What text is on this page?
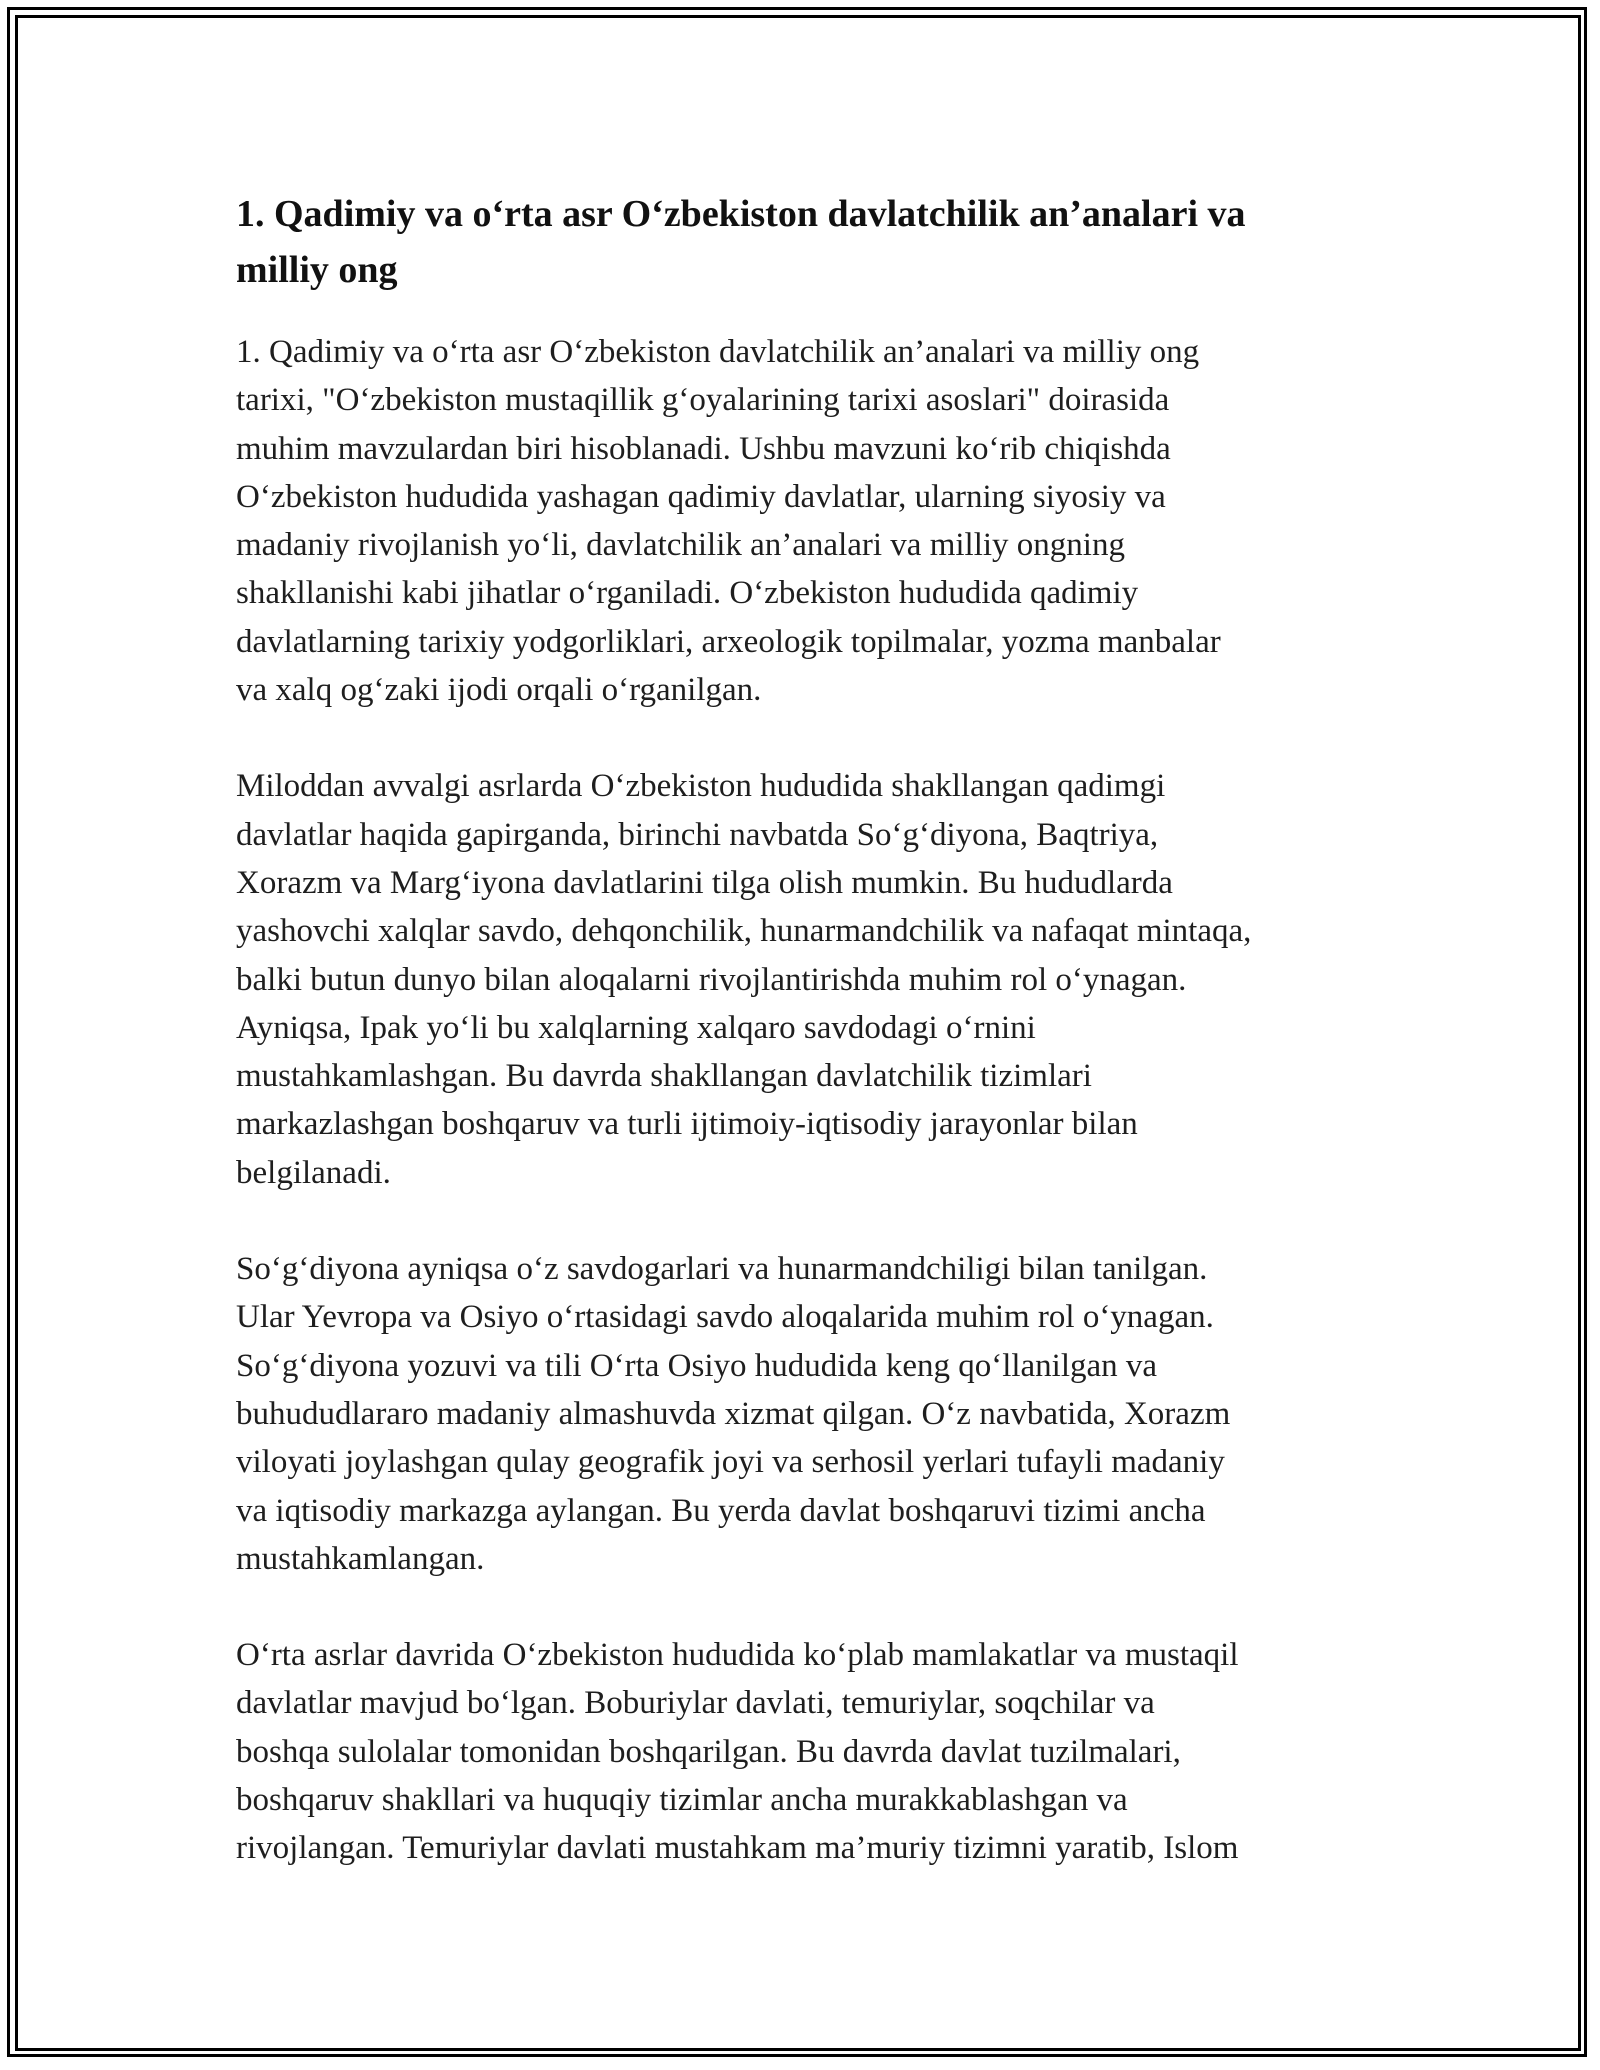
1. Qadimiy va o‘rta asr O‘zbekiston davlatchilik an’analari va
milliy ong

1. Qadimiy va o‘rta asr O‘zbekiston davlatchilik an’analari va milliy ong
tarixi, "O‘zbekiston mustaqillik g‘oyalarining tarixi asoslari" doirasida
muhim mavzulardan biri hisoblanadi. Ushbu mavzuni ko‘rib chiqishda
O‘zbekiston hududida yashagan qadimiy davlatlar, ularning siyosiy va
madaniy rivojlanish yo‘li, davlatchilik an’analari va milliy ongning
shakllanishi kabi jihatlar o‘rganiladi. O‘zbekiston hududida qadimiy
davlatlarning tarixiy yodgorliklari, arxeologik topilmalar, yozma manbalar
va xalq og‘zaki ijodi orqali o‘rganilgan.

Miloddan avvalgi asrlarda O‘zbekiston hududida shakllangan qadimgi
davlatlar haqida gapirganda, birinchi navbatda So‘g‘diyona, Baqtriya,
Xorazm va Marg‘iyona davlatlarini tilga olish mumkin. Bu hududlarda
yashovchi xalqlar savdo, dehqonchilik, hunarmandchilik va nafaqat mintaqa,
balki butun dunyo bilan aloqalarni rivojlantirishda muhim rol o‘ynagan.
Ayniqsa, Ipak yo‘li bu xalqlarning xalqaro savdodagi o‘rnini
mustahkamlashgan. Bu davrda shakllangan davlatchilik tizimlari
markazlashgan boshqaruv va turli ijtimoiy-iqtisodiy jarayonlar bilan
belgilanadi.

So‘g‘diyona ayniqsa o‘z savdogarlari va hunarmandchiligi bilan tanilgan.
Ular Yevropa va Osiyo o‘rtasidagi savdo aloqalarida muhim rol o‘ynagan.
So‘g‘diyona yozuvi va tili O‘rta Osiyo hududida keng qo‘llanilgan va
buhududlararo madaniy almashuvda xizmat qilgan. O‘z navbatida, Xorazm
viloyati joylashgan qulay geografik joyi va serhosil yerlari tufayli madaniy
va iqtisodiy markazga aylangan. Bu yerda davlat boshqaruvi tizimi ancha
mustahkamlangan.

O‘rta asrlar davrida O‘zbekiston hududida ko‘plab mamlakatlar va mustaqil
davlatlar mavjud bo‘lgan. Boburiylar davlati, temuriylar, soqchilar va
boshqa sulolalar tomonidan boshqarilgan. Bu davrda davlat tuzilmalari,
boshqaruv shakllari va huquqiy tizimlar ancha murakkablashgan va
rivojlangan. Temuriylar davlati mustahkam ma’muriy tizimni yaratib, Islom
